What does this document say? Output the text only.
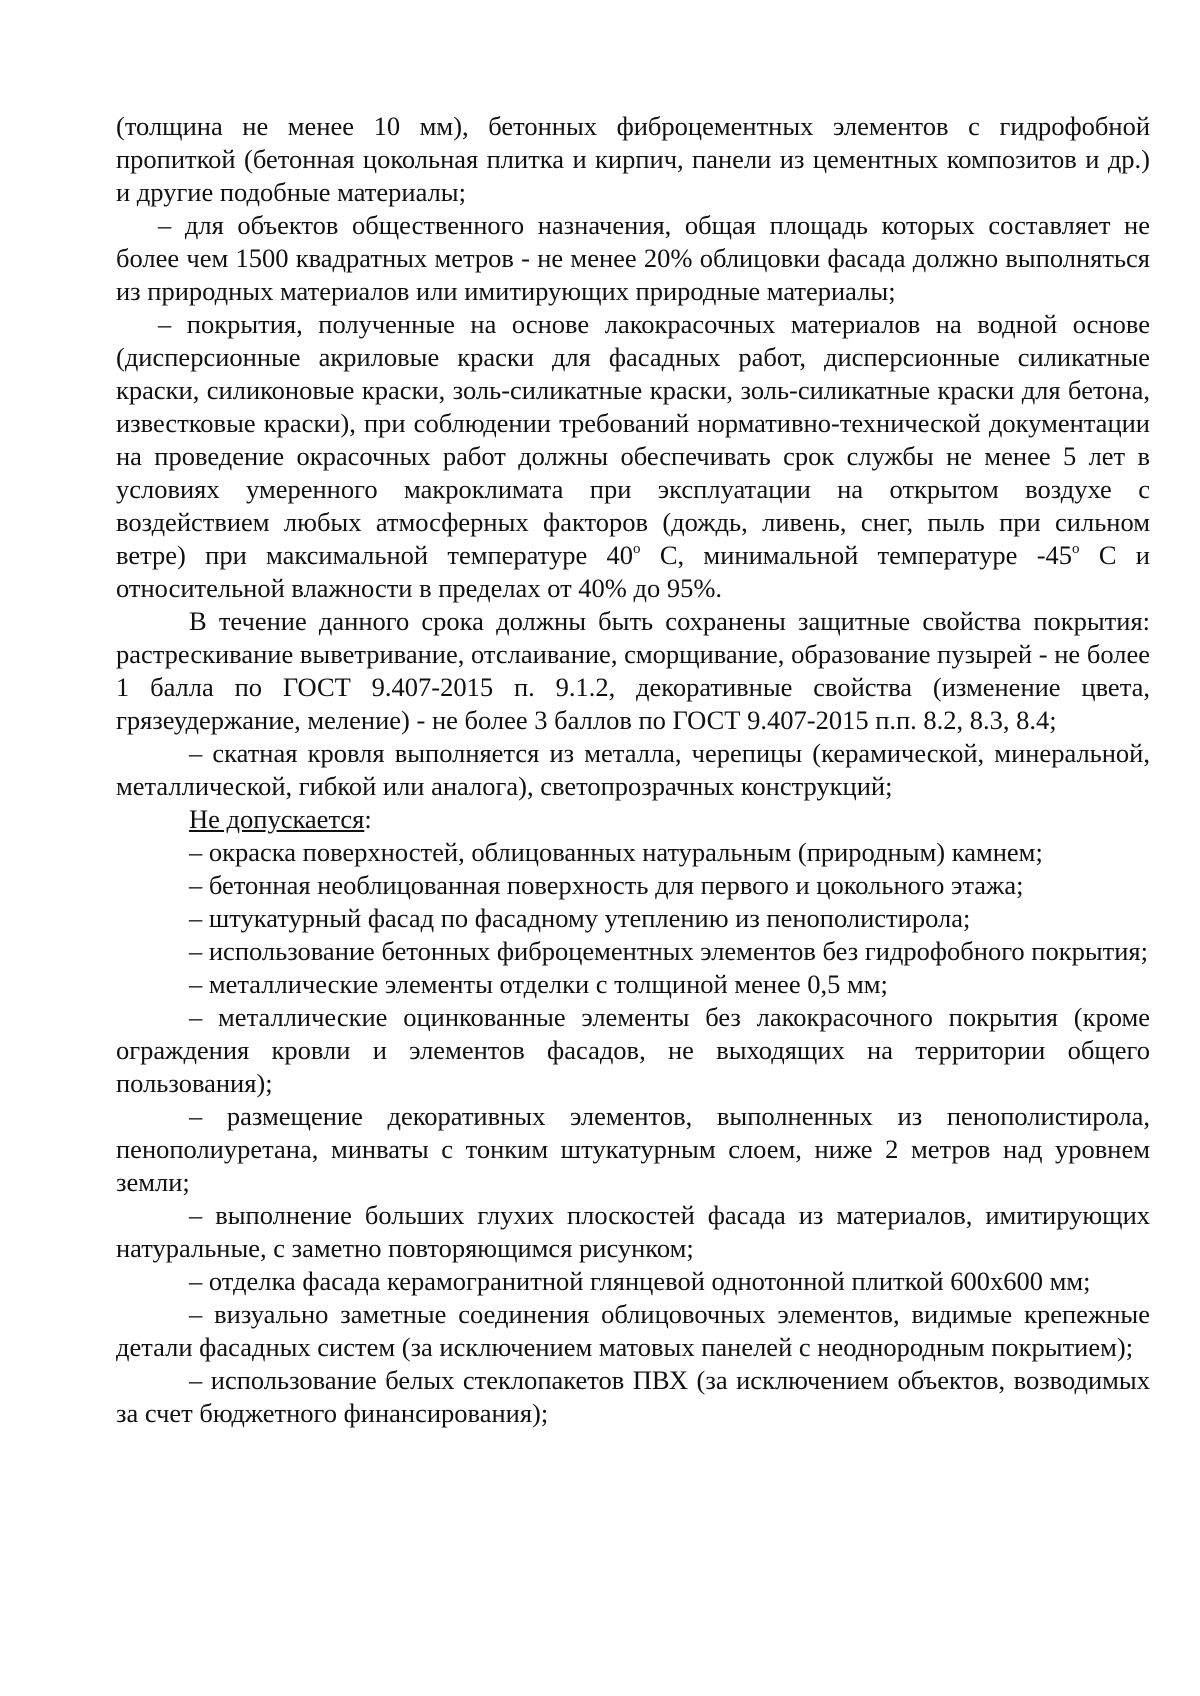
(толщина не менее 10 мм), бетонных фиброцементных элементов с гидрофобной пропиткой (бетонная цокольная плитка и кирпич, панели из цементных композитов и др.) и другие подобные материалы;

– для объектов общественного назначения, общая площадь которых составляет не более чем 1500 квадратных метров - не менее 20% облицовки фасада должно выполняться из природных материалов или имитирующих природные материалы;

– покрытия, полученные на основе лакокрасочных материалов на водной основе (дисперсионные акриловые краски для фасадных работ, дисперсионные силикатные краски, силиконовые краски, золь-силикатные краски, золь-силикатные краски для бетона, известковые краски), при соблюдении требований нормативно-технической документации на проведение окрасочных работ должны обеспечивать срок службы не менее 5 лет в условиях умеренного макроклимата при эксплуатации на открытом воздухе с воздействием любых атмосферных факторов (дождь, ливень, снег, пыль при сильном ветре) при максимальной температуре 40$^o$ С, минимальной температуре -45$^o$ С и относительной влажности в пределах от 40% до 95%.

В течение данного срока должны быть сохранены защитные свойства покрытия: растрескивание выветривание, отслаивание, сморщивание, образование пузырей - не более 1 балла по ГОСТ 9.407-2015 п. 9.1.2, декоративные свойства (изменение цвета, грязеудержание, меление) - не более 3 баллов по ГОСТ 9.407-2015 п.п. 8.2, 8.3, 8.4;

– скатная кровля выполняется из металла, черепицы (керамической, минеральной, металлической, гибкой или аналога), светопрозрачных конструкций;

Не допускается:

– окраска поверхностей, облицованных натуральным (природным) камнем;

– бетонная необлицованная поверхность для первого и цокольного этажа;

– штукатурный фасад по фасадному утеплению из пенополистирола;

– использование бетонных фиброцементных элементов без гидрофобного покрытия;

– металлические элементы отделки с толщиной менее 0,5 мм;

– металлические оцинкованные элементы без лакокрасочного покрытия (кроме ограждения кровли и элементов фасадов, не выходящих на территории общего пользования);

– размещение декоративных элементов, выполненных из пенополистирола, пенополиуретана, минваты с тонким штукатурным слоем, ниже 2 метров над уровнем земли;

– выполнение больших глухих плоскостей фасада из материалов, имитирующих натуральные, с заметно повторяющимся рисунком;

– отделка фасада керамогранитной глянцевой однотонной плиткой 600х600 мм;

– визуально заметные соединения облицовочных элементов, видимые крепежные детали фасадных систем (за исключением матовых панелей с неоднородным покрытием);

– использование белых стеклопакетов ПВХ (за исключением объектов, возводимых за счет бюджетного финансирования);
